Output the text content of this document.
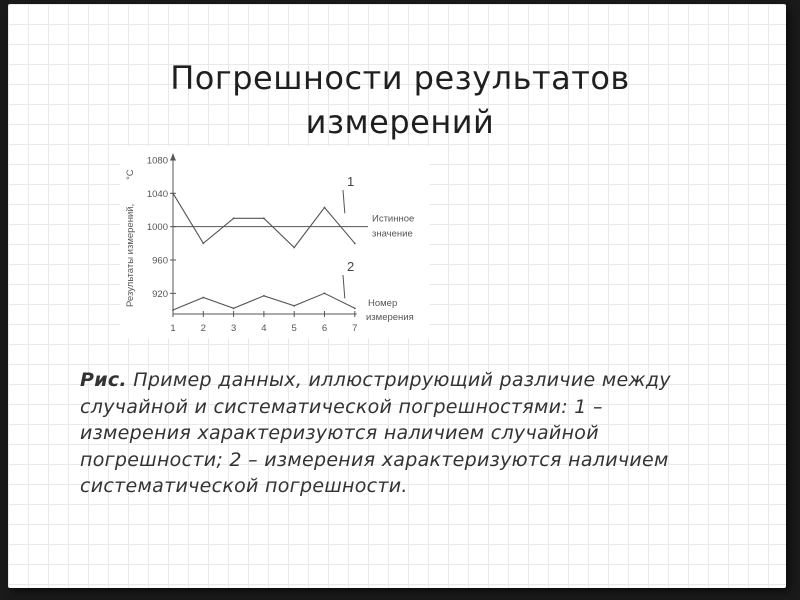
Погрешности результатов
измерений
920
960
1000
1040
1080
1	2	3	4	5	6	7
Результаты измерений,
°С
Истинное
значение
1
2
Номер
измерения

Рис. Пример данных, иллюстрирующий различие между случайной и систематической погрешностями: 1 – измерения характеризуются наличием случайной погрешности; 2 – измерения характеризуются наличием систематической погрешности.
